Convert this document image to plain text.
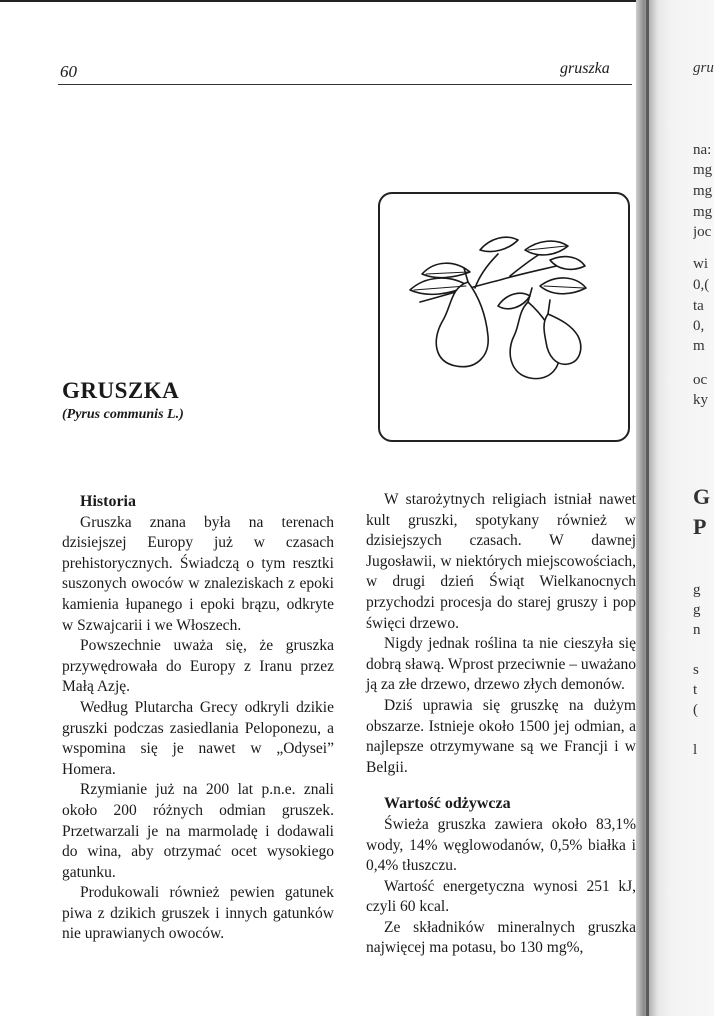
60	gruszka
GRUSZKA
(Pyrus communis L.)
Historia

Gruszka znana była na terenach dzisiejszej Europy już w czasach prehistorycznych. Świadczą o tym resztki suszonych owoców w znaleziskach z epoki kamienia łupanego i epoki brązu, odkryte w Szwajcarii i we Włoszech.

Powszechnie uważa się, że gruszka przywędrowała do Europy z Iranu przez Małą Azję.

Według Plutarcha Grecy odkryli dzikie gruszki podczas zasiedlania Peloponezu, a wspomina się je nawet w „Odysei” Homera.

Rzymianie już na 200 lat p.n.e. znali około 200 różnych odmian gruszek. Przetwarzali je na marmoladę i dodawali do wina, aby otrzymać ocet wysokiego gatunku.

Produkowali również pewien gatunek piwa z dzikich gruszek i innych gatunków nie uprawianych owoców.

W starożytnych religiach istniał nawet kult gruszki, spotykany również w dzisiejszych czasach. W dawnej Jugosławii, w niektórych miejscowościach, w drugi dzień Świąt Wielkanocnych przychodzi procesja do starej gruszy i pop święci drzewo.

Nigdy jednak roślina ta nie cieszyła się dobrą sławą. Wprost przeciwnie – uważano ją za złe drzewo, drzewo złych demonów.

Dziś uprawia się gruszkę na dużym obszarze. Istnieje około 1500 jej odmian, a najlepsze otrzymywane są we Francji i w Belgii.

Wartość odżywcza

Świeża gruszka zawiera około 83,1% wody, 14% węglowodanów, 0,5% białka i 0,4% tłuszczu.

Wartość energetyczna wynosi 251 kJ, czyli 60 kcal.

Ze składników mineralnych gruszka najwięcej ma potasu, bo 130 mg%,

gru
na:
mg
mg
mg
joc
wi
0,(
ta
0,
m
oc
ky
G
P
g
g
n
s
t
(
l
